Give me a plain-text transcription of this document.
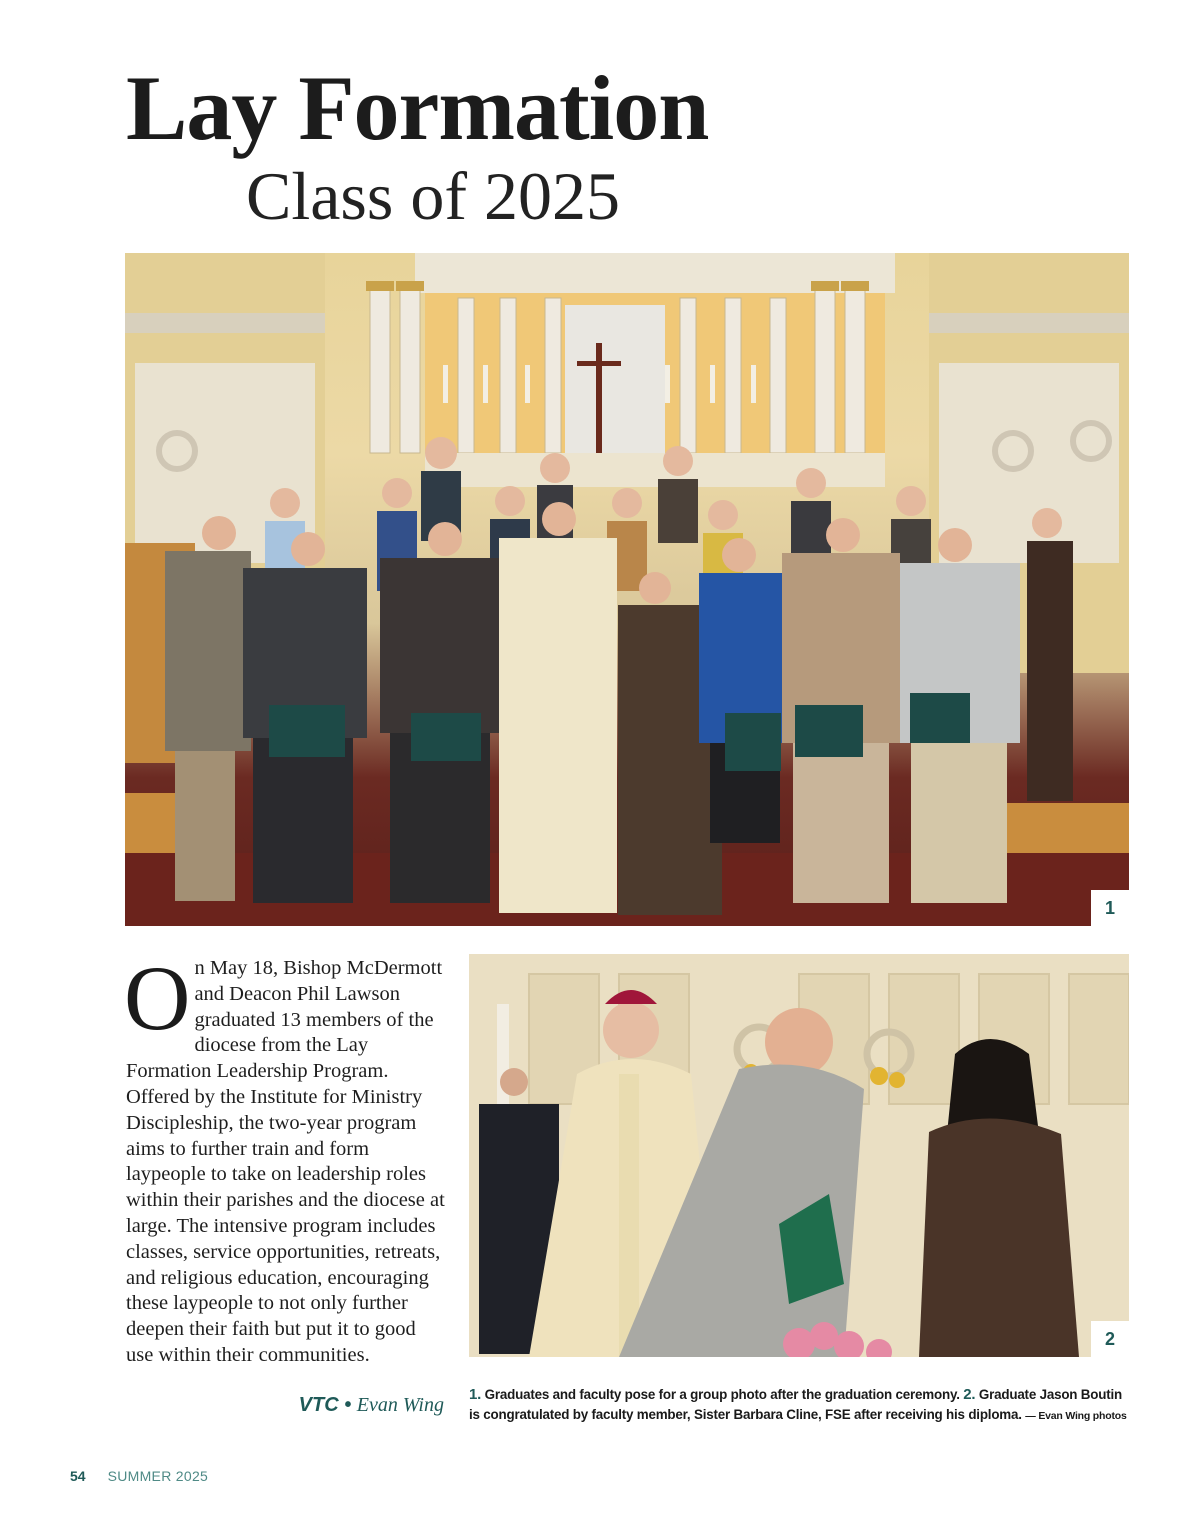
Lay Formation
Class of 2025
1

On May 18, Bishop McDermott and Deacon Phil Lawson graduated 13 members of the diocese from the Lay Formation Leadership Program. Offered by the Institute for Ministry Discipleship, the two-year program aims to further train and form laypeople to take on leadership roles within their parishes and the diocese at large. The intensive program includes classes, service opportunities, retreats, and religious education, encouraging these laypeople to not only further deepen their faith but put it to good use within their communities.

VTC • Evan Wing
2
1. Graduates and faculty pose for a group photo after the graduation ceremony. 2. Graduate Jason Boutin is congratulated by faculty member, Sister Barbara Cline, FSE after receiving his diploma. — Evan Wing photos
54 SUMMER 2025
